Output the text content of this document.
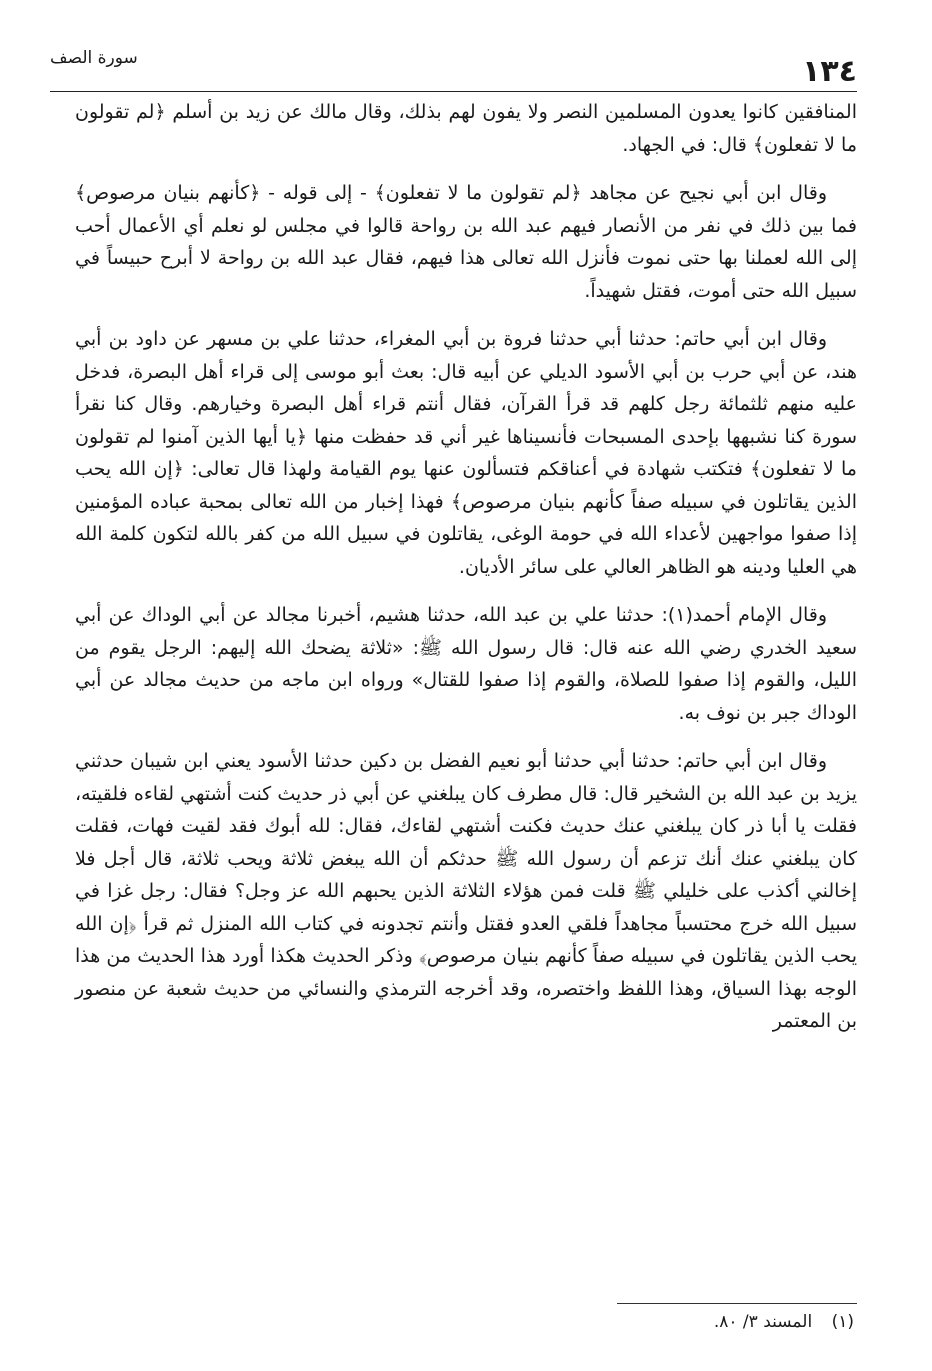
١٣٤
سورة الصف

المنافقين كانوا يعدون المسلمين النصر ولا يفون لهم بذلك، وقال مالك عن زيد بن أسلم ﴿لم تقولون ما لا تفعلون﴾ قال: في الجهاد.

وقال ابن أبي نجيح عن مجاهد ﴿لم تقولون ما لا تفعلون﴾ - إلى قوله - ﴿كأنهم بنيان مرصوص﴾ فما بين ذلك في نفر من الأنصار فيهم عبد الله بن رواحة قالوا في مجلس لو نعلم أي الأعمال أحب إلى الله لعملنا بها حتى نموت فأنزل الله تعالى هذا فيهم، فقال عبد الله بن رواحة لا أبرح حبيساً في سبيل الله حتى أموت، فقتل شهيداً.

وقال ابن أبي حاتم: حدثنا أبي حدثنا فروة بن أبي المغراء، حدثنا علي بن مسهر عن داود بن أبي هند، عن أبي حرب بن أبي الأسود الديلي عن أبيه قال: بعث أبو موسى إلى قراء أهل البصرة، فدخل عليه منهم ثلثمائة رجل كلهم قد قرأ القرآن، فقال أنتم قراء أهل البصرة وخيارهم. وقال كنا نقرأ سورة كنا نشبهها بإحدى المسبحات فأنسيناها غير أني قد حفظت منها ﴿يا أيها الذين آمنوا لم تقولون ما لا تفعلون﴾ فتكتب شهادة في أعناقكم فتسألون عنها يوم القيامة ولهذا قال تعالى: ﴿إن الله يحب الذين يقاتلون في سبيله صفاً كأنهم بنيان مرصوص﴾ فهذا إخبار من الله تعالى بمحبة عباده المؤمنين إذا صفوا مواجهين لأعداء الله في حومة الوغى، يقاتلون في سبيل الله من كفر بالله لتكون كلمة الله هي العليا ودينه هو الظاهر العالي على سائر الأديان.

وقال الإمام أحمد(١): حدثنا علي بن عبد الله، حدثنا هشيم، أخبرنا مجالد عن أبي الوداك عن أبي سعيد الخدري رضي الله عنه قال: قال رسول الله ﷺ: «ثلاثة يضحك الله إليهم: الرجل يقوم من الليل، والقوم إذا صفوا للصلاة، والقوم إذا صفوا للقتال» ورواه ابن ماجه من حديث مجالد عن أبي الوداك جبر بن نوف به.

وقال ابن أبي حاتم: حدثنا أبي حدثنا أبو نعيم الفضل بن دكين حدثنا الأسود يعني ابن شيبان حدثني يزيد بن عبد الله بن الشخير قال: قال مطرف كان يبلغني عن أبي ذر حديث كنت أشتهي لقاءه فلقيته، فقلت يا أبا ذر كان يبلغني عنك حديث فكنت أشتهي لقاءك، فقال: لله أبوك فقد لقيت فهات، فقلت كان يبلغني عنك أنك تزعم أن رسول الله ﷺ حدثكم أن الله يبغض ثلاثة ويحب ثلاثة، قال أجل فلا إخالني أكذب على خليلي ﷺ قلت فمن هؤلاء الثلاثة الذين يحبهم الله عز وجل؟ فقال: رجل غزا في سبيل الله خرج محتسباً مجاهداً فلقي العدو فقتل وأنتم تجدونه في كتاب الله المنزل ثم قرأ ﴿إن الله يحب الذين يقاتلون في سبيله صفاً كأنهم بنيان مرصوص﴾ وذكر الحديث هكذا أورد هذا الحديث من هذا الوجه بهذا السياق، وهذا اللفظ واختصره، وقد أخرجه الترمذي والنسائي من حديث شعبة عن منصور بن المعتمر

(١) المسند ٣/ ٨٠.
